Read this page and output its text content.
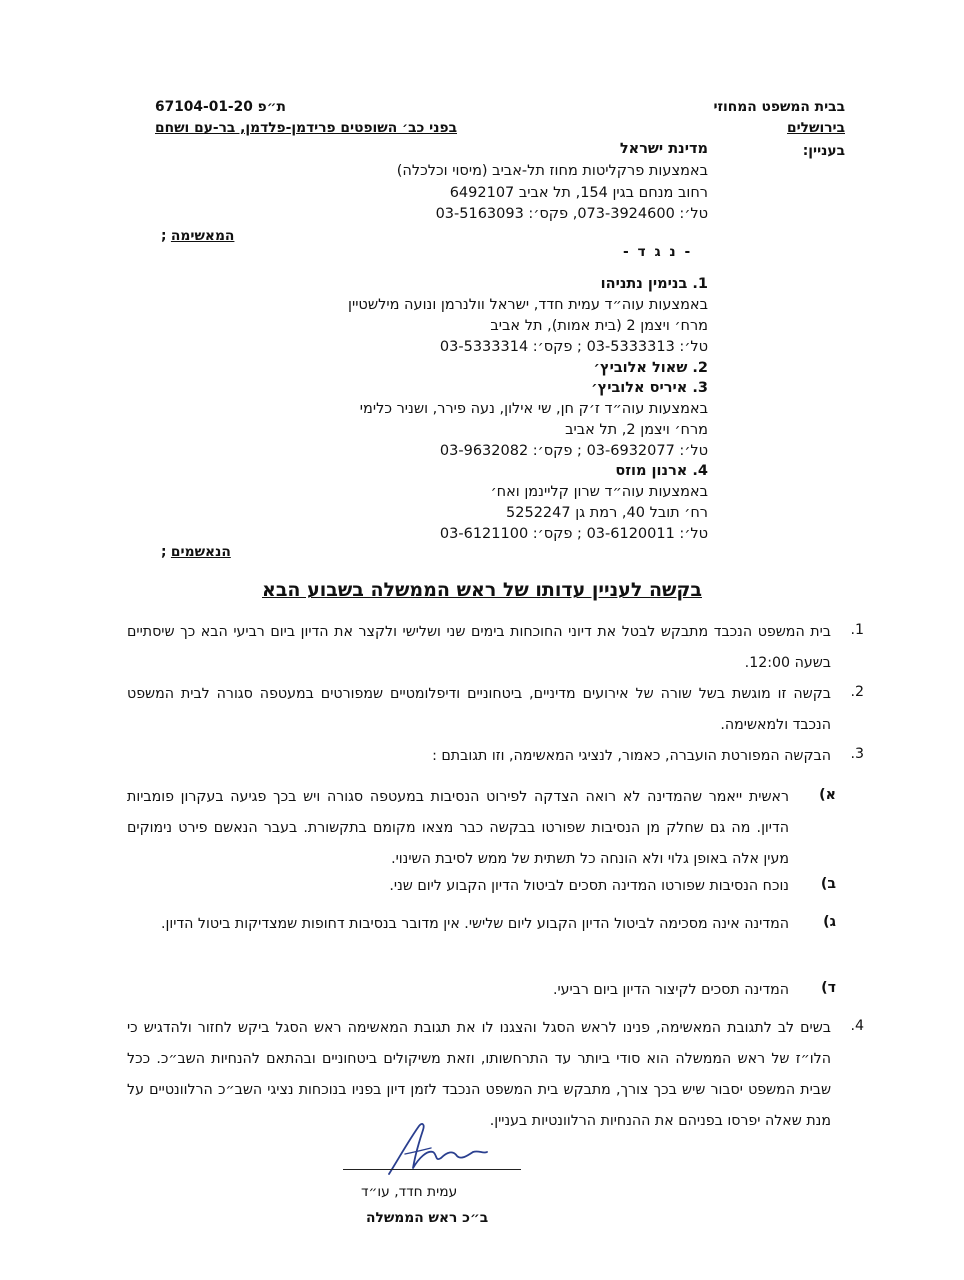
בבית המשפט המחוזי
בירושלים
ת״פ 67104-01-20
בפני כב׳ השופטים פרידמן-פלדמן, בר-עם ושחם
בעניין:
מדינת ישראל
באמצעות פרקליטות מחוז תל-אביב (מיסוי וכלכלה)
רחוב מנחם בגין 154, תל אביב 6492107
טל׳: 073-3924600, פקס׳: 03-5163093
המאשימה ;
- נ ג ד -
1. בנימין נתניהו
באמצעות עוה״ד עמית חדד, ישראל וולנרמן ונועה מילשטיין
מרח׳ ויצמן 2 (בית אמות), תל אביב
טל׳: 03-5333313 ; פקס׳: 03-5333314
2. שאול אלוביץ׳
3. איריס אלוביץ׳
באמצעות עוה״ד ז׳ק חן, שי אילון, נעה פירר, ושניר כלימי
מרח׳ ויצמן 2, תל אביב
טל׳: 03-6932077 ; פקס׳: 03-9632082
4. ארנון מוזס
באמצעות עוה״ד שרון קליינמן ואח׳
רח׳ תובל 40, רמת גן 5252247
טל׳: 03-6120011 ; פקס׳: 03-6121100
הנאשמים ;
בקשה לעניין עדותו של ראש הממשלה בשבוע הבא
1.
בית המשפט הנכבד מתבקש לבטל את דיוני החוכחות בימים שני ושלישי ולקצר את הדיון ביום רביעי הבא כך שיסתיים בשעה 12:00.
2.
בקשה זו מוגשת בשל שורה של אירועים מדיניים, ביטחוניים ודיפלומטיים שמפורטים במעטפה סגורה לבית המשפט הנכבד ולמאשימה.
3.
הבקשה המפורטת הועברה, כאמור, לנציגי המאשימה, וזו תגובתם :
א)
ראשית ייאמר שהמדינה לא רואה הצדקה לפירוט הנסיבות במעטפה סגורה ויש בכך פגיעה בעקרון פומביות הדיון. מה גם שחלק מן הנסיבות שפורטו בבקשה כבר מצאו מקומם בתקשורת. בעבר הנאשם פירט נימוקים מעין אלה באופן גלוי ולא הונחה כל תשתית של ממש לסיבת השינוי.
ב)
נוכח הנסיבות שפורטו המדינה תסכים לביטול הדיון הקבוע ליום שני.
ג)
המדינה אינה מסכימה לביטול הדיון הקבוע ליום שלישי. אין מדובר בנסיבות דחופות שמצדיקות ביטול הדיון.
ד)
המדינה תסכים לקיצור הדיון ביום רביעי.
4.
בשים לב לתגובת המאשימה, פנינו לראש הסגל והצגנו לו את תגובת המאשימה ראש הסגל ביקש לחזור ולהדגיש כי הלו״ז של ראש הממשלה הוא סודי ביותר עד התרחשותו, וזאת משיקולים ביטחוניים ובהתאם להנחיות השב״כ. ככל שבית המשפט יסבור שיש בכך צורך, מתבקש בית המשפט הנכבד לזמן דיון בפניו בנוכחות נציגי השב״כ הרלוונטיים על מנת שאלה יפרסו בפניהם את ההנחיות הרלוונטיות בעניין.
עמית חדד, עו״ד
ב״כ ראש הממשלה
